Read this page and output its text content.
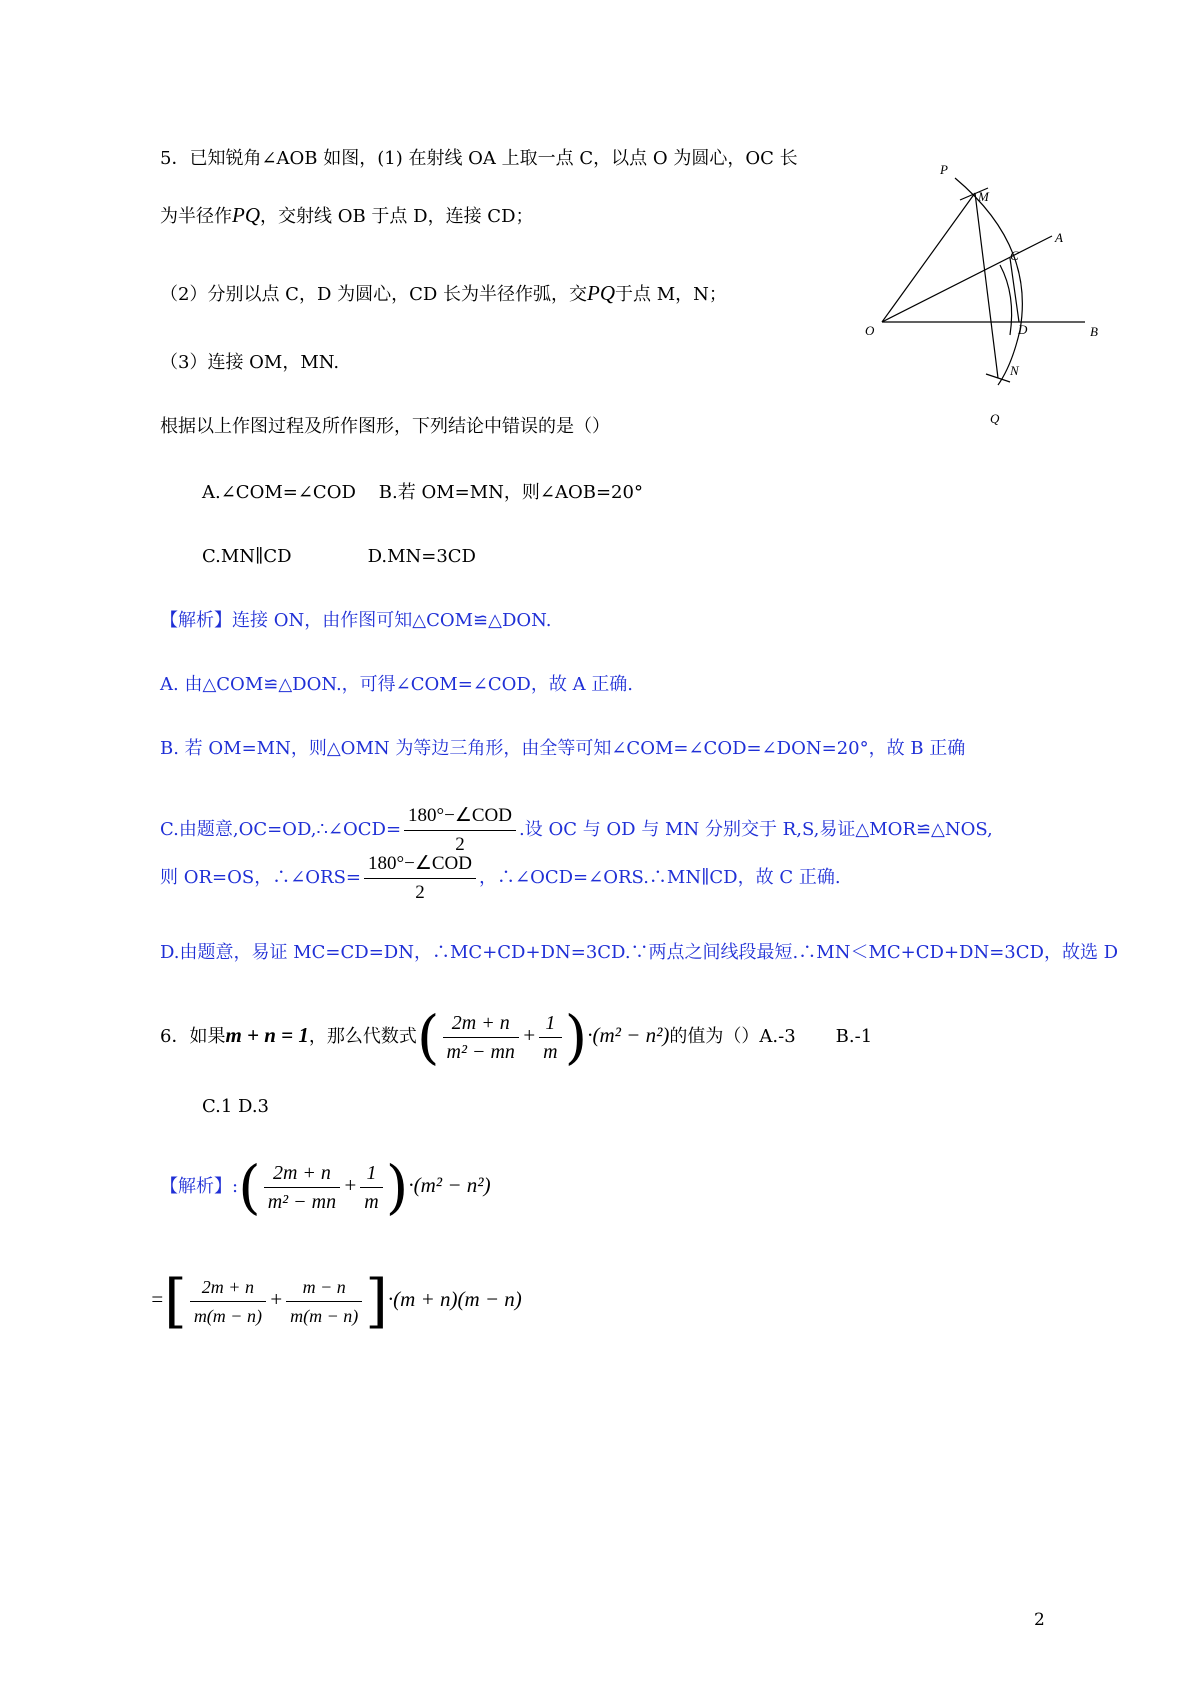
5．已知锐角∠AOB 如图，(1) 在射线 OA 上取一点 C，以点 O 为圆心，OC 长
为半径作PQ，交射线 OB 于点 D，连接 CD；
（2）分别以点 C，D 为圆心，CD 长为半径作弧，交PQ于点 M，N；
（3）连接 OM，MN.
根据以上作图过程及所作图形，下列结论中错误的是（）
A.∠COM=∠COD B.若 OM=MN，则∠AOB=20°
C.MN∥CD	D.MN=3CD
【解析】连接 ON，由作图可知△COM≌△DON.
A. 由△COM≌△DON.，可得∠COM=∠COD，故 A 正确.
B. 若 OM=MN，则△OMN 为等边三角形，由全等可知∠COM=∠COD=∠DON=20°，故 B 正确
C.由题意,OC=OD,∴∠OCD= $\frac{\text{180°−∠COD}}{2}$ .设 OC 与 OD 与 MN 分别交于 R,S,易证△MOR≌△NOS,
则 OR=OS，∴∠ORS= $\frac{\text{180°−∠COD}}{2}$ ，∴∠OCD=∠ORS.∴MN∥CD，故 C 正确.
D.由题意，易证 MC=CD=DN，∴MC+CD+DN=3CD.∵两点之间线段最短.∴MN＜MC+CD+DN=3CD，故选 D
6．如果m + n = 1，那么代数式( $\frac{2m + n}{\text{m² − mn}} + \frac{1}{m} )\cdot(m^2 - n^2)$的值为（）A.-3 B.-1
C.1 D.3
【解析】:( $\frac{2m + n}{\text{m² − mn}} + \frac{1}{m} )\cdot(m^2 - n^2)$
=[ $\frac{2m + n}{m(m - n)} + \frac{m - n}{m(m - n)} ]\cdot(m + n)(m - n)$
P
M
A
C
O	D	B
N
Q
2
